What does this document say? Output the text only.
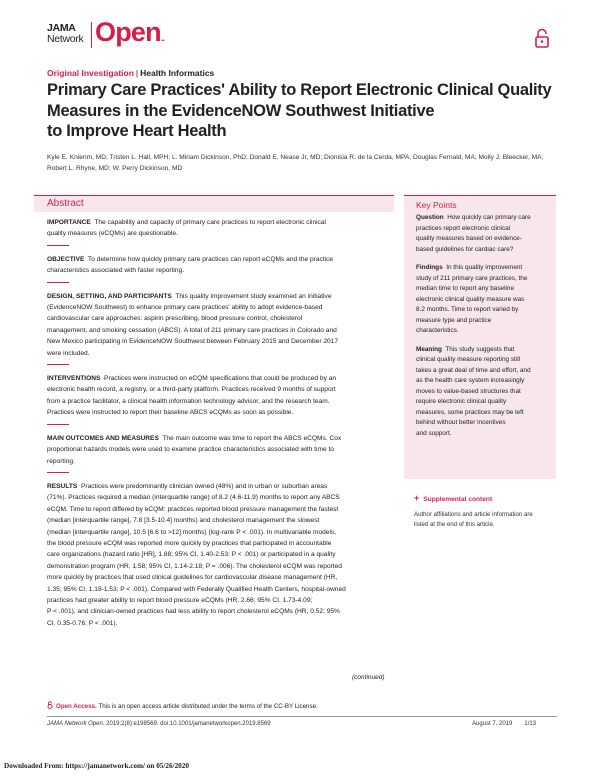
JAMA
Network Open..
Original Investigation | Health Informatics
Primary Care Practices' Ability to Report Electronic Clinical Quality
Measures in the EvidenceNOW Southwest Initiative
to Improve Heart Health
Kyle E. Knierim, MD; Tristen L. Hall, MPH; L. Miriam Dickinson, PhD; Donald E. Nease Jr, MD; Dionisia R. de la Cerda, MPA; Douglas Fernald, MA; Molly J. Bleecker, MA;
Robert L. Rhyne, MD; W. Perry Dickinson, MD
Abstract
IMPORTANCE The capability and capacity of primary care practices to report electronic clinical
quality measures (eCQMs) are questionable.
OBJECTIVE To determine how quickly primary care practices can report eCQMs and the practice
characteristics associated with faster reporting.
DESIGN, SETTING, AND PARTICIPANTS This quality improvement study examined an initiative
(EvidenceNOW Southwest) to enhance primary care practices' ability to adopt evidence-based
cardiovascular care approaches: aspirin prescribing, blood pressure control, cholesterol
management, and smoking cessation (ABCS). A total of 211 primary care practices in Colorado and
New Mexico participating in EvidenceNOW Southwest between February 2015 and December 2017
were included.
INTERVENTIONS Practices were instructed on eCQM specifications that could be produced by an
electronic health record, a registry, or a third-party platform. Practices received 9 months of support
from a practice facilitator, a clinical health information technology advisor, and the research team.
Practices were instructed to report their baseline ABCS eCQMs as soon as possible.
MAIN OUTCOMES AND MEASURES The main outcome was time to report the ABCS eCQMs. Cox
proportional hazards models were used to examine practice characteristics associated with time to
reporting.
RESULTS Practices were predominantly clinician owned (48%) and in urban or suburban areas
(71%). Practices required a median (interquartile range) of 8.2 (4.6-11.9) months to report any ABCS
eCQM. Time to report differed by eCQM: practices reported blood pressure management the fastest
(median [interquartile range], 7.8 [3.5-10.4] months) and cholesterol management the slowest
(median [interquartile range], 10.5 [6.6 to >12] months) (log-rank P < .001). In multivariable models,
the blood pressure eCQM was reported more quickly by practices that participated in accountable
care organizations (hazard ratio [HR], 1.88; 95% CI, 1.40-2.53; P < .001) or participated in a quality
demonstration program (HR, 1.58; 95% CI, 1.14-2.18; P = .006). The cholesterol eCQM was reported
more quickly by practices that used clinical guidelines for cardiovascular disease management (HR,
1.35; 95% CI, 1.18-1.53; P < .001). Compared with Federally Qualified Health Centers, hospital-owned
practices had greater ability to report blood pressure eCQMs (HR, 2.66; 95% CI, 1.73-4.09;
P < .001), and clinician-owned practices had less ability to report cholesterol eCQMs (HR, 0.52; 95%
CI, 0.35-0.76; P < .001).
(continued)
Key Points
Question How quickly can primary care
practices report electronic clinical
quality measures based on evidence-
based guidelines for cardiac care?
Findings In this quality improvement
study of 211 primary care practices, the
median time to report any baseline
electronic clinical quality measure was
8.2 months. Time to report varied by
measure type and practice
characteristics.
Meaning This study suggests that
clinical quality measure reporting still
takes a great deal of time and effort, and
as the health care system increasingly
moves to value-based structures that
require electronic clinical quality
measures, some practices may be left
behind without better incentives
and support.
+ Supplemental content
Author affiliations and article information are
listed at the end of this article.
Open Access. This is an open access article distributed under the terms of the CC-BY License.
JAMA Network Open. 2019;2(8):e198569. doi:10.1001/jamanetworkopen.2019.8569	August 7, 2019 1/13
Downloaded From: https://jamanetwork.com/ on 05/26/2020
